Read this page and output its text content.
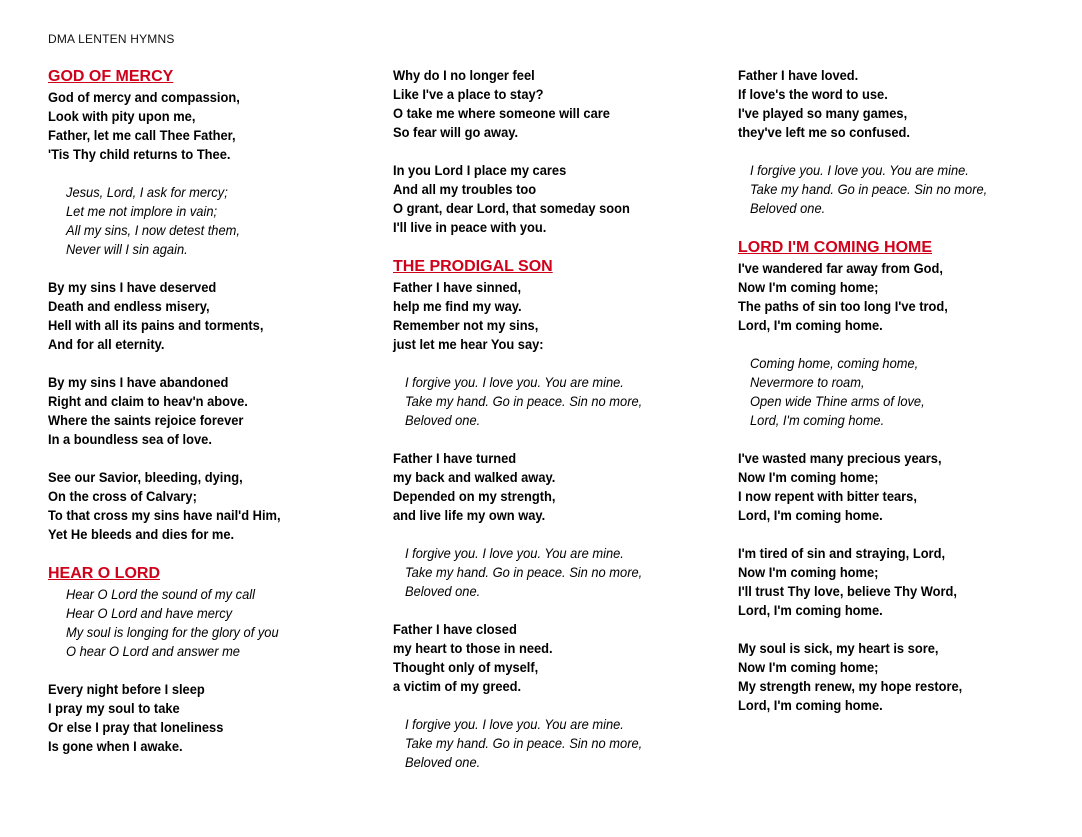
DMA LENTEN HYMNS

GOD OF MERCY

God of mercy and compassion,
Look with pity upon me,
Father, let me call Thee Father,
'Tis Thy child returns to Thee.
Jesus, Lord, I ask for mercy;
Let me not implore in vain;
All my sins, I now detest them,
Never will I sin again.
By my sins I have deserved
Death and endless misery,
Hell with all its pains and torments,
And for all eternity.
By my sins I have abandoned
Right and claim to heav'n above.
Where the saints rejoice forever
In a boundless sea of love.
See our Savior, bleeding, dying,
On the cross of Calvary;
To that cross my sins have nail'd Him,
Yet He bleeds and dies for me.

HEAR O LORD

Hear O Lord the sound of my call
Hear O Lord and have mercy
My soul is longing for the glory of you
O hear O Lord and answer me
Every night before I sleep
I pray my soul to take
Or else I pray that loneliness
Is gone when I awake.
Why do I no longer feel
Like I've a place to stay?
O take me where someone will care
So fear will go away.
In you Lord I place my cares
And all my troubles too
O grant, dear Lord, that someday soon
I'll live in peace with you.

THE PRODIGAL SON

Father I have sinned,
help me find my way.
Remember not my sins,
just let me hear You say:
I forgive you. I love you. You are mine.
Take my hand. Go in peace. Sin no more,
Beloved one.
Father I have turned
my back and walked away.
Depended on my strength,
and live life my own way.
I forgive you. I love you. You are mine.
Take my hand. Go in peace. Sin no more,
Beloved one.
Father I have closed
my heart to those in need.
Thought only of myself,
a victim of my greed.
I forgive you. I love you. You are mine.
Take my hand. Go in peace. Sin no more,
Beloved one.
Father I have loved.
If love's the word to use.
I've played so many games,
they've left me so confused.
I forgive you. I love you. You are mine.
Take my hand. Go in peace. Sin no more,
Beloved one.

LORD I'M COMING HOME

I've wandered far away from God,
Now I'm coming home;
The paths of sin too long I've trod,
Lord, I'm coming home.
Coming home, coming home,
Nevermore to roam,
Open wide Thine arms of love,
Lord, I'm coming home.
I've wasted many precious years,
Now I'm coming home;
I now repent with bitter tears,
Lord, I'm coming home.
I'm tired of sin and straying, Lord,
Now I'm coming home;
I'll trust Thy love, believe Thy Word,
Lord, I'm coming home.
My soul is sick, my heart is sore,
Now I'm coming home;
My strength renew, my hope restore,
Lord, I'm coming home.
